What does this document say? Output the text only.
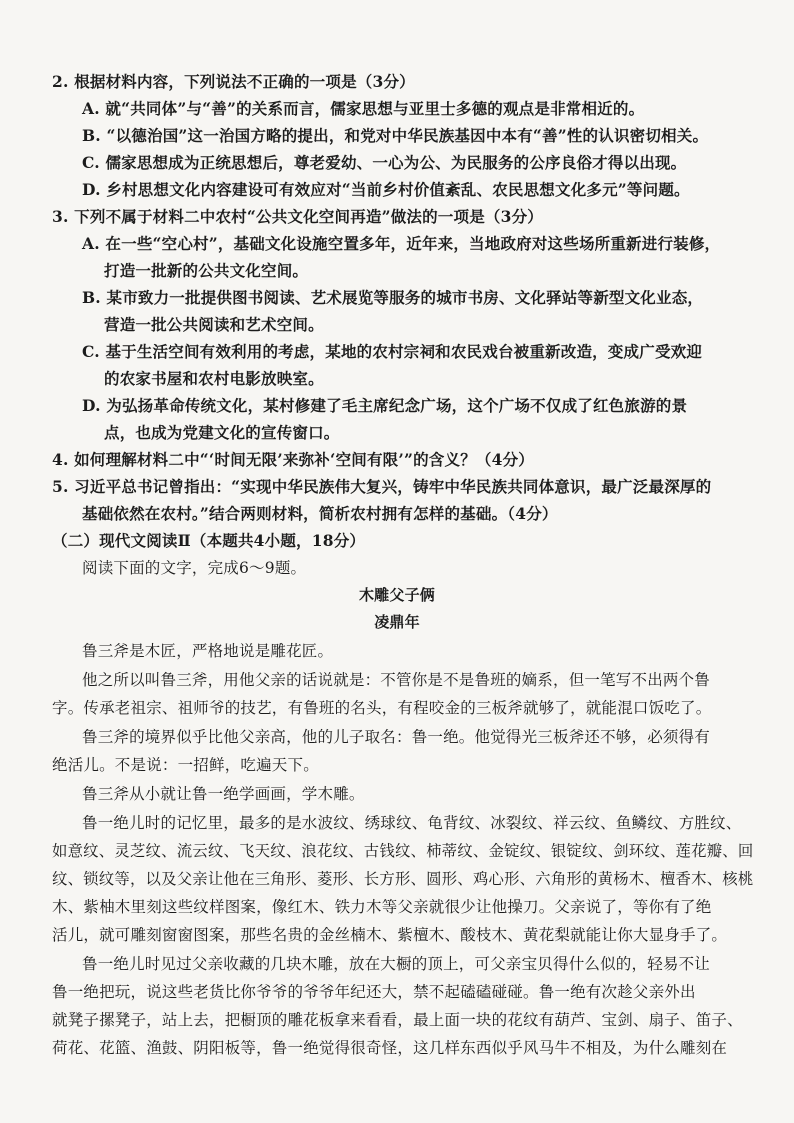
2. 根据材料内容，下列说法不正确的一项是（3分）
A. 就“共同体”与“善”的关系而言，儒家思想与亚里士多德的观点是非常相近的。
B. “以德治国”这一治国方略的提出，和党对中华民族基因中本有“善”性的认识密切相关。
C. 儒家思想成为正统思想后，尊老爱幼、一心为公、为民服务的公序良俗才得以出现。
D. 乡村思想文化内容建设可有效应对“当前乡村价值紊乱、农民思想文化多元”等问题。
3. 下列不属于材料二中农村“公共文化空间再造”做法的一项是（3分）
A. 在一些“空心村”，基础文化设施空置多年，近年来，当地政府对这些场所重新进行装修，
打造一批新的公共文化空间。
B. 某市致力一批提供图书阅读、艺术展览等服务的城市书房、文化驿站等新型文化业态，
营造一批公共阅读和艺术空间。
C. 基于生活空间有效利用的考虑，某地的农村宗祠和农民戏台被重新改造，变成广受欢迎
的农家书屋和农村电影放映室。
D. 为弘扬革命传统文化，某村修建了毛主席纪念广场，这个广场不仅成了红色旅游的景
点，也成为党建文化的宣传窗口。
4. 如何理解材料二中“‘时间无限’来弥补‘空间有限’”的含义？（4分）
5. 习近平总书记曾指出：“实现中华民族伟大复兴，铸牢中华民族共同体意识，最广泛最深厚的
基础依然在农村。”结合两则材料，简析农村拥有怎样的基础。（4分）
（二）现代文阅读Ⅱ（本题共4小题，18分）
阅读下面的文字，完成6～9题。
木雕父子俩
凌鼎年
鲁三斧是木匠，严格地说是雕花匠。
他之所以叫鲁三斧，用他父亲的话说就是：不管你是不是鲁班的嫡系，但一笔写不出两个鲁
字。传承老祖宗、祖师爷的技艺，有鲁班的名头，有程咬金的三板斧就够了，就能混口饭吃了。
鲁三斧的境界似乎比他父亲高，他的儿子取名：鲁一绝。他觉得光三板斧还不够，必须得有
绝活儿。不是说：一招鲜，吃遍天下。
鲁三斧从小就让鲁一绝学画画，学木雕。
鲁一绝儿时的记忆里，最多的是水波纹、绣球纹、龟背纹、冰裂纹、祥云纹、鱼鳞纹、方胜纹、
如意纹、灵芝纹、流云纹、飞天纹、浪花纹、古钱纹、柿蒂纹、金锭纹、银锭纹、剑环纹、莲花瓣、回
纹、锁纹等，以及父亲让他在三角形、菱形、长方形、圆形、鸡心形、六角形的黄杨木、檀香木、核桃
木、紫柚木里刻这些纹样图案，像红木、铁力木等父亲就很少让他操刀。父亲说了，等你有了绝
活儿，就可雕刻窗窗图案，那些名贵的金丝楠木、紫檀木、酸枝木、黄花梨就能让你大显身手了。
鲁一绝儿时见过父亲收藏的几块木雕，放在大橱的顶上，可父亲宝贝得什么似的，轻易不让
鲁一绝把玩，说这些老货比你爷爷的爷爷年纪还大，禁不起磕磕碰碰。鲁一绝有次趁父亲外出
就凳子摞凳子，站上去，把橱顶的雕花板拿来看看，最上面一块的花纹有葫芦、宝剑、扇子、笛子、
荷花、花篮、渔鼓、阴阳板等，鲁一绝觉得很奇怪，这几样东西似乎风马牛不相及，为什么雕刻在
